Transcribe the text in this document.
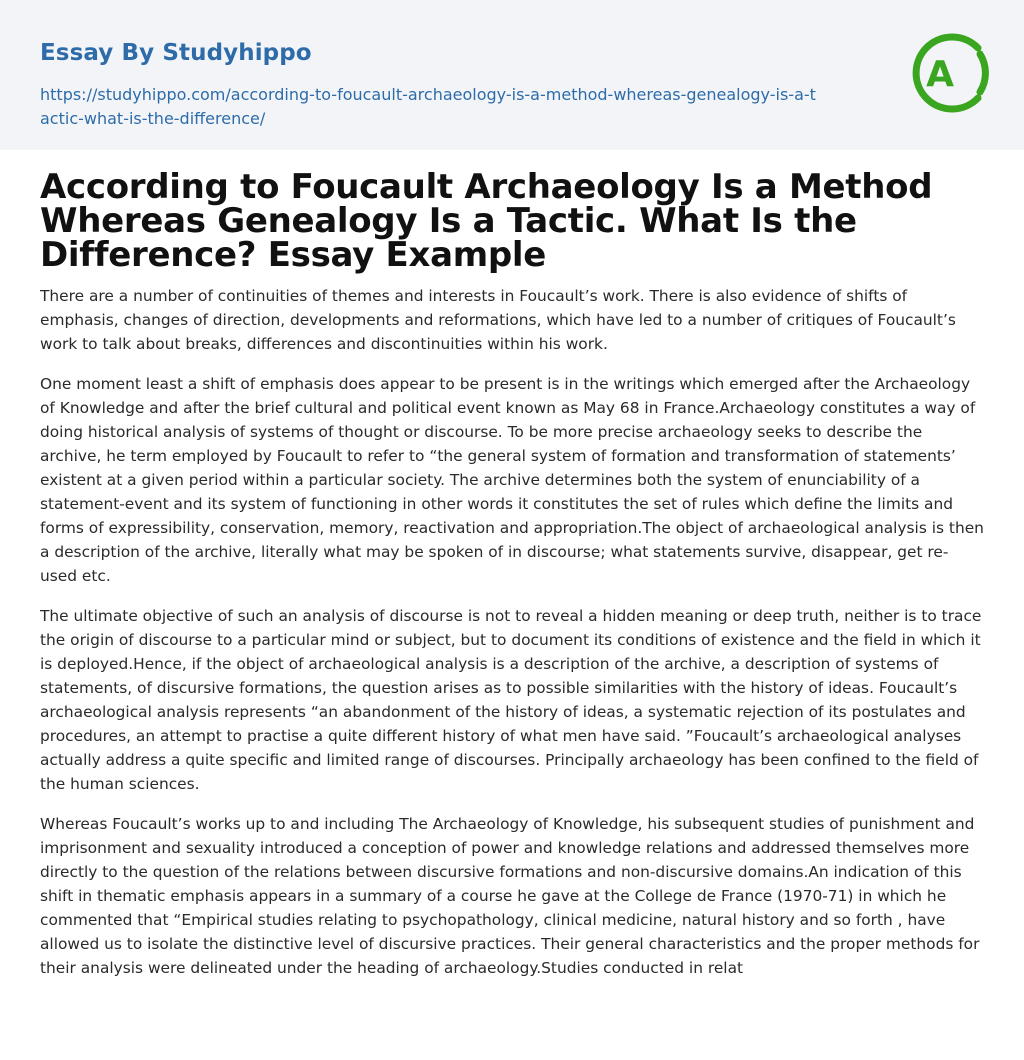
Essay By Studyhippo
https://studyhippo.com/according-to-foucault-archaeology-is-a-method-whereas-genealogy-is-a-tactic-what-is-the-difference/
A
According to Foucault Archaeology Is a Method Whereas Genealogy Is a Tactic. What Is the Difference? Essay Example

There are a number of continuities of themes and interests in Foucault’s work. There is also evidence of shifts of emphasis, changes of direction, developments and reformations, which have led to a number of critiques of Foucault’s work to talk about breaks, differences and discontinuities within his work.

One moment least a shift of emphasis does appear to be present is in the writings which emerged after the Archaeology of Knowledge and after the brief cultural and political event known as May 68 in France.Archaeology constitutes a way of doing historical analysis of systems of thought or discourse. To be more precise archaeology seeks to describe the archive, he term employed by Foucault to refer to “the general system of formation and transformation of statements’ existent at a given period within a particular society. The archive determines both the system of enunciability of a statement-event and its system of functioning in other words it constitutes the set of rules which define the limits and forms of expressibility, conservation, memory, reactivation and appropriation.The object of archaeological analysis is then a description of the archive, literally what may be spoken of in discourse; what statements survive, disappear, get re-used etc.

The ultimate objective of such an analysis of discourse is not to reveal a hidden meaning or deep truth, neither is to trace the origin of discourse to a particular mind or subject, but to document its conditions of existence and the field in which it is deployed.Hence, if the object of archaeological analysis is a description of the archive, a description of systems of statements, of discursive formations, the question arises as to possible similarities with the history of ideas. Foucault’s archaeological analysis represents “an abandonment of the history of ideas, a systematic rejection of its postulates and procedures, an attempt to practise a quite different history of what men have said. ”Foucault’s archaeological analyses actually address a quite specific and limited range of discourses. Principally archaeology has been confined to the field of the human sciences.

Whereas Foucault’s works up to and including The Archaeology of Knowledge, his subsequent studies of punishment and imprisonment and sexuality introduced a conception of power and knowledge relations and addressed themselves more directly to the question of the relations between discursive formations and non-discursive domains.An indication of this shift in thematic emphasis appears in a summary of a course he gave at the College de France (1970-71) in which he commented that “Empirical studies relating to psychopathology, clinical medicine, natural history and so forth , have allowed us to isolate the distinctive level of discursive practices. Their general characteristics and the proper methods for their analysis were delineated under the heading of archaeology.Studies conducted in relat
